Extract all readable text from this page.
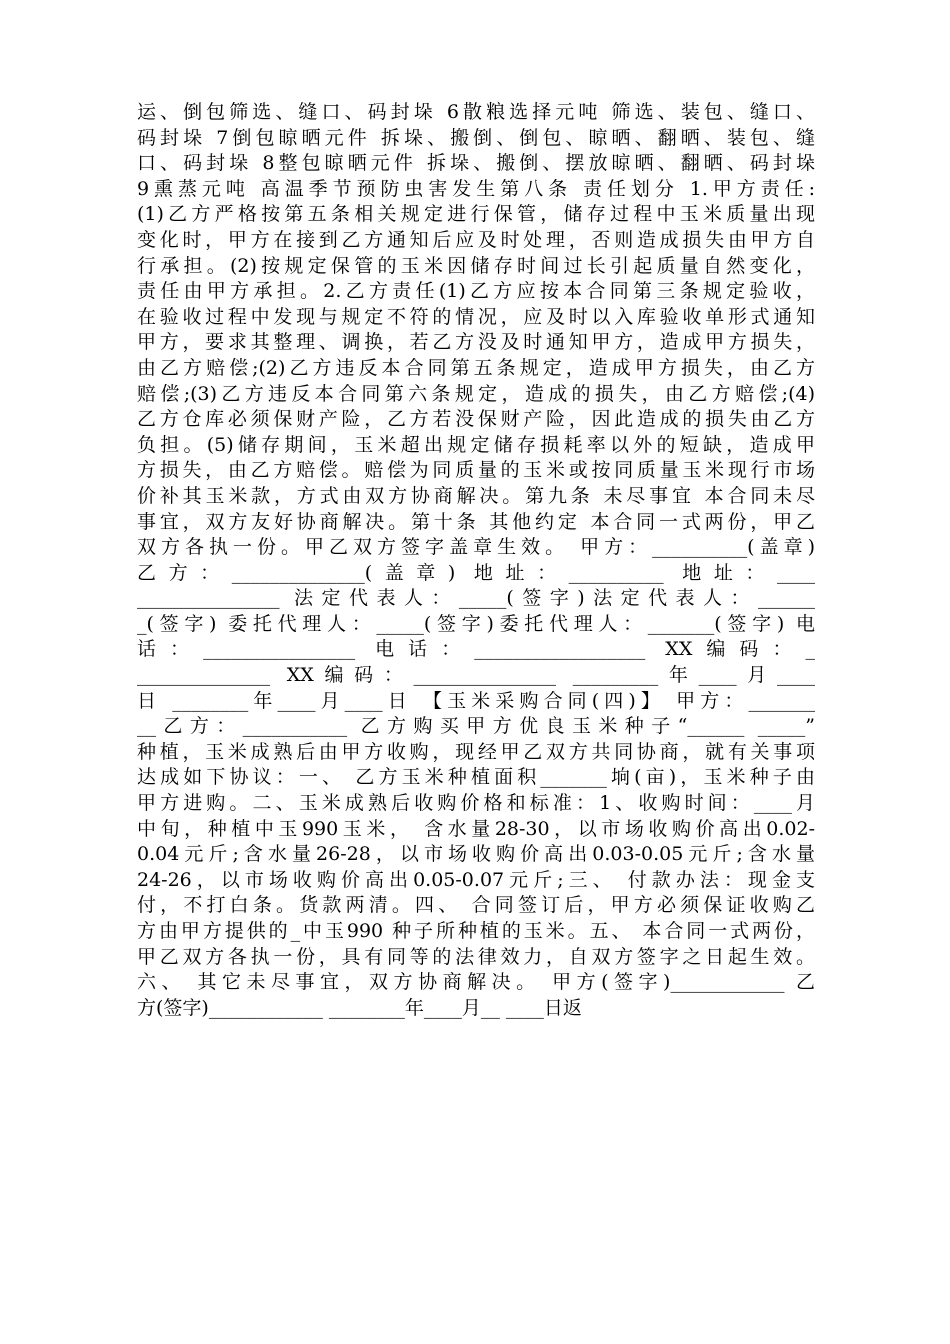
运、倒包筛选、缝口、码封垛 6散粮选择元吨 筛选、装包、缝口、
码封垛 7倒包晾晒元件 拆垛、搬倒、倒包、晾晒、翻晒、装包、缝
口、码封垛 8整包晾晒元件 拆垛、搬倒、摆放晾晒、翻晒、码封垛
9熏蒸元吨 高温季节预防虫害发生第八条 责任划分 1.甲方责任:
(1)乙方严格按第五条相关规定进行保管，储存过程中玉米质量出现
变化时，甲方在接到乙方通知后应及时处理，否则造成损失由甲方自
行承担。(2)按规定保管的玉米因储存时间过长引起质量自然变化，
责任由甲方承担。2.乙方责任(1)乙方应按本合同第三条规定验收，
在验收过程中发现与规定不符的情况，应及时以入库验收单形式通知
甲方，要求其整理、调换，若乙方没及时通知甲方，造成甲方损失，
由乙方赔偿;(2)乙方违反本合同第五条规定，造成甲方损失，由乙方
赔偿;(3)乙方违反本合同第六条规定，造成的损失，由乙方赔偿;(4)
乙方仓库必须保财产险，乙方若没保财产险，因此造成的损失由乙方
负担。(5)储存期间，玉米超出规定储存损耗率以外的短缺，造成甲
方损失，由乙方赔偿。赔偿为同质量的玉米或按同质量玉米现行市场
价补其玉米款，方式由双方协商解决。第九条 未尽事宜 本合同未尽
事宜，双方友好协商解决。第十条 其他约定 本合同一式两份，甲乙
双方各执一份。甲乙双方签字盖章生效。 甲方：__________(盖章)
乙方：______________(盖章) 地址：__________ 地址：____
_______________ 法定代表人：_____(签字)法定代表人：______
_(签字) 委托代理人：_____(签字)委托代理人：_______(签字) 电
话：________________ 电话：__________________ XX编码：_
______________ XX编码：_______________ _________年____月____
日 ________年____月____日 【玉米采购合同(四)】 甲方：_______
__乙方：___________ 乙方购买甲方优良玉米种子“______ _____”
种植，玉米成熟后由甲方收购，现经甲乙双方共同协商，就有关事项
达成如下协议：一、 乙方玉米种植面积_______垧(亩)，玉米种子由
甲方进购。二、玉米成熟后收购价格和标准：1、收购时间：____月
中旬，种植中玉990玉米， 含水量28-30，以市场收购价高出0.02-
0.04元斤;含水量26-28，以市场收购价高出0.03-0.05元斤;含水量
24-26，以市场收购价高出0.05-0.07元斤;三、 付款办法：现金支
付，不打白条。货款两清。四、 合同签订后，甲方必须保证收购乙
方由甲方提供的_中玉990 种子所种植的玉米。五、 本合同一式两份，
甲乙双方各执一份，具有同等的法律效力，自双方签字之日起生效。
六、 其它未尽事宜，双方协商解决。 甲方(签字)____________ 乙
方(签字)____________ ________年____月__ ____日返
